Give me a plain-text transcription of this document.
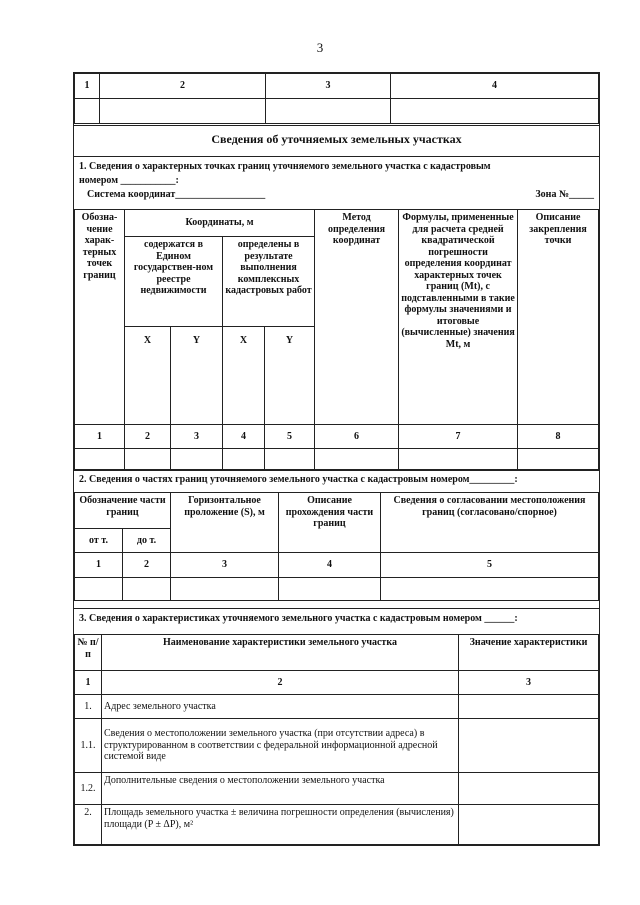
3
1	2	3	4

Сведения об уточняемых земельных участках
1. Сведения о характерных точках границ уточняемого земельного участка с кадастровым
номером ___________:
Система координат__________________	Зона №_____
Обозна-чение харак-терных точек границ	Координаты, м				Метод определения координат	Формулы, примененные для расчета средней квадратической погрешности определения координат характерных точек границ (Mt), с подставленными в такие формулы значениями и итоговые (вычисленные) значения Mt, м	Описание закрепления точки
	содержатся в Едином государствен-ном реестре недвижимости		определены в результате выполнения комплексных кадастровых работ				
	X	Y	X	Y			
1	2	3	4	5	6	7	8

2. Сведения о частях границ уточняемого земельного участка с кадастровым номером_________:
Обозначение части границ		Горизонтальное проложение (S), м	Описание прохождения части границ	Сведения о согласовании местоположения границ (согласовано/спорное)
от т.	до т.			
1	2	3	4	5

3. Сведения о характеристиках уточняемого земельного участка с кадастровым номером ______:
№ п/п	Наименование характеристики земельного участка	Значение характеристики
1	2	3
1.	Адрес земельного участка	
1.1.	Сведения о местоположении земельного участка (при отсутствии адреса) в структурированном в соответствии с федеральной информационной адресной системой виде	
1.2.	Дополнительные сведения о местоположении земельного участка	
2.	Площадь земельного участка ± величина погрешности определения (вычисления) площади (P ± ΔP), м²	
